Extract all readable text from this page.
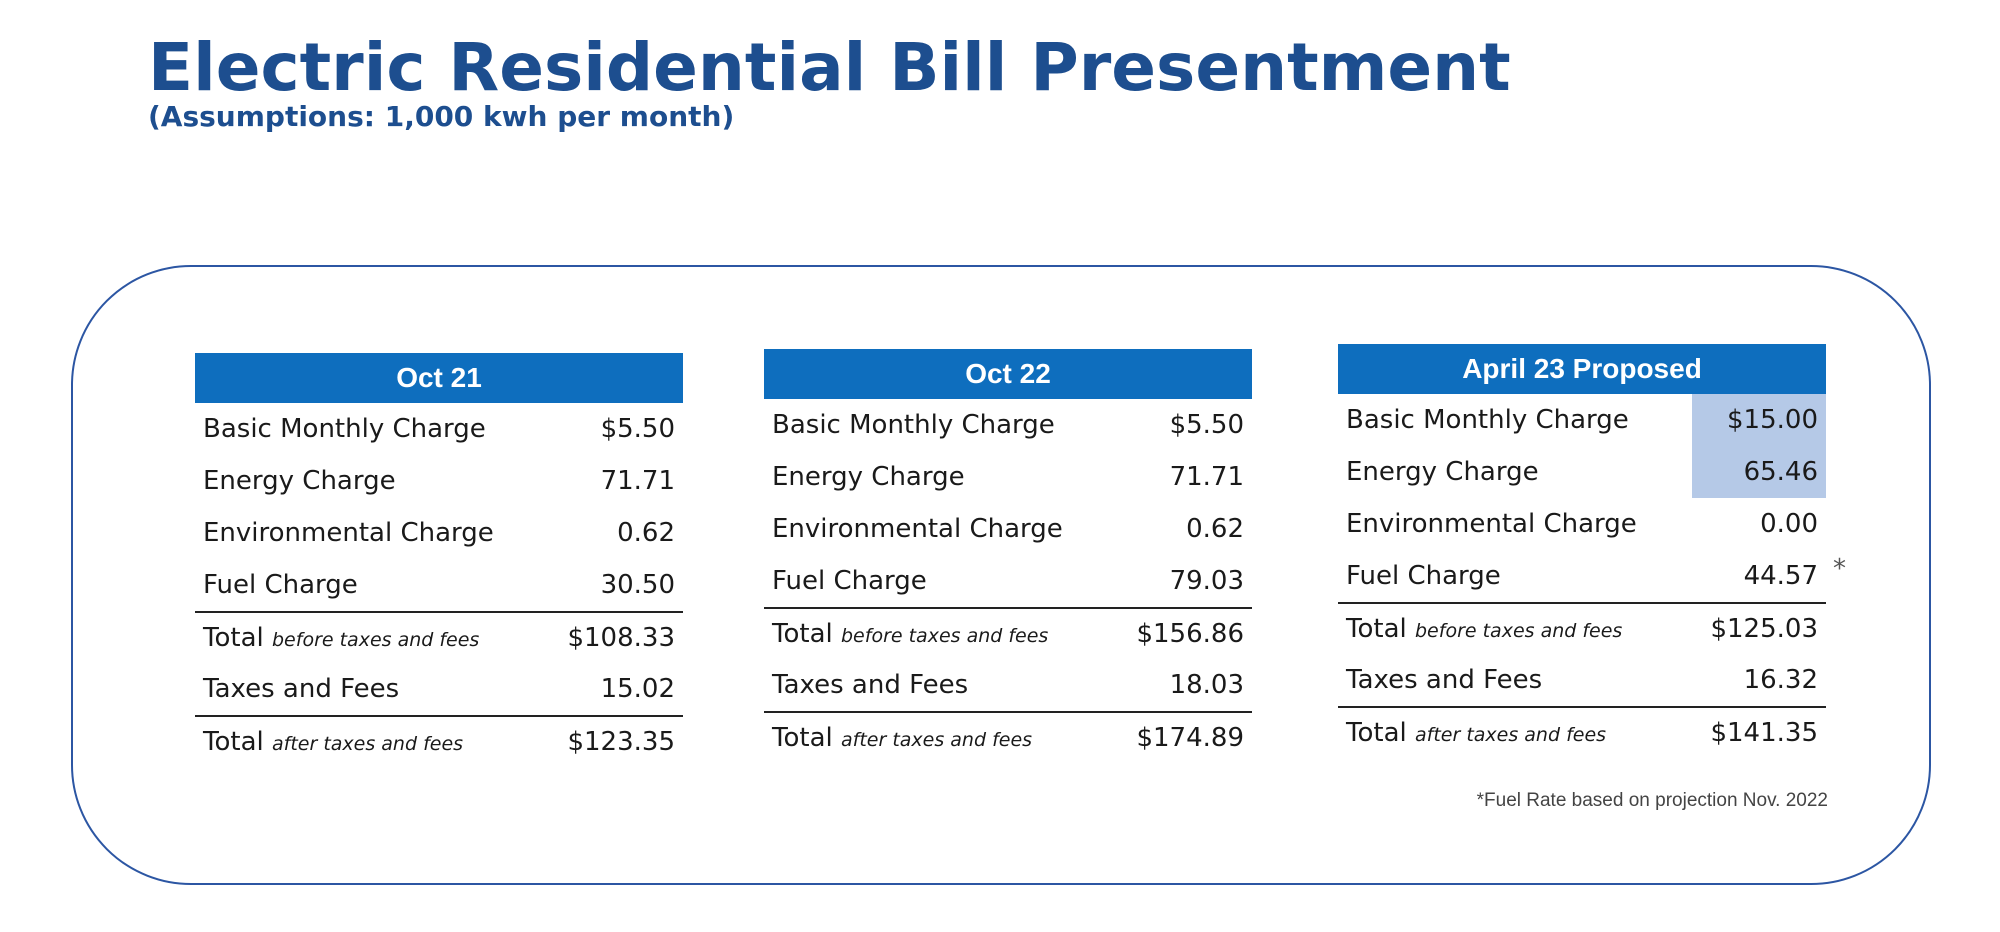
Electric Residential Bill Presentment
(Assumptions: 1,000 kwh per month)
Oct 21
Basic Monthly Charge	$5.50
Energy Charge	71.71
Environmental Charge	0.62
Fuel Charge	30.50
Total before taxes and fees	$108.33
Taxes and Fees	15.02
Total after taxes and fees	$123.35
Oct 22
Basic Monthly Charge	$5.50
Energy Charge	71.71
Environmental Charge	0.62
Fuel Charge	79.03
Total before taxes and fees	$156.86
Taxes and Fees	18.03
Total after taxes and fees	$174.89
April 23 Proposed
Basic Monthly Charge	$15.00
Energy Charge	65.46
Environmental Charge	0.00
Fuel Charge	44.57 *
Total before taxes and fees	$125.03
Taxes and Fees	16.32
Total after taxes and fees	$141.35
*Fuel Rate based on projection Nov. 2022
